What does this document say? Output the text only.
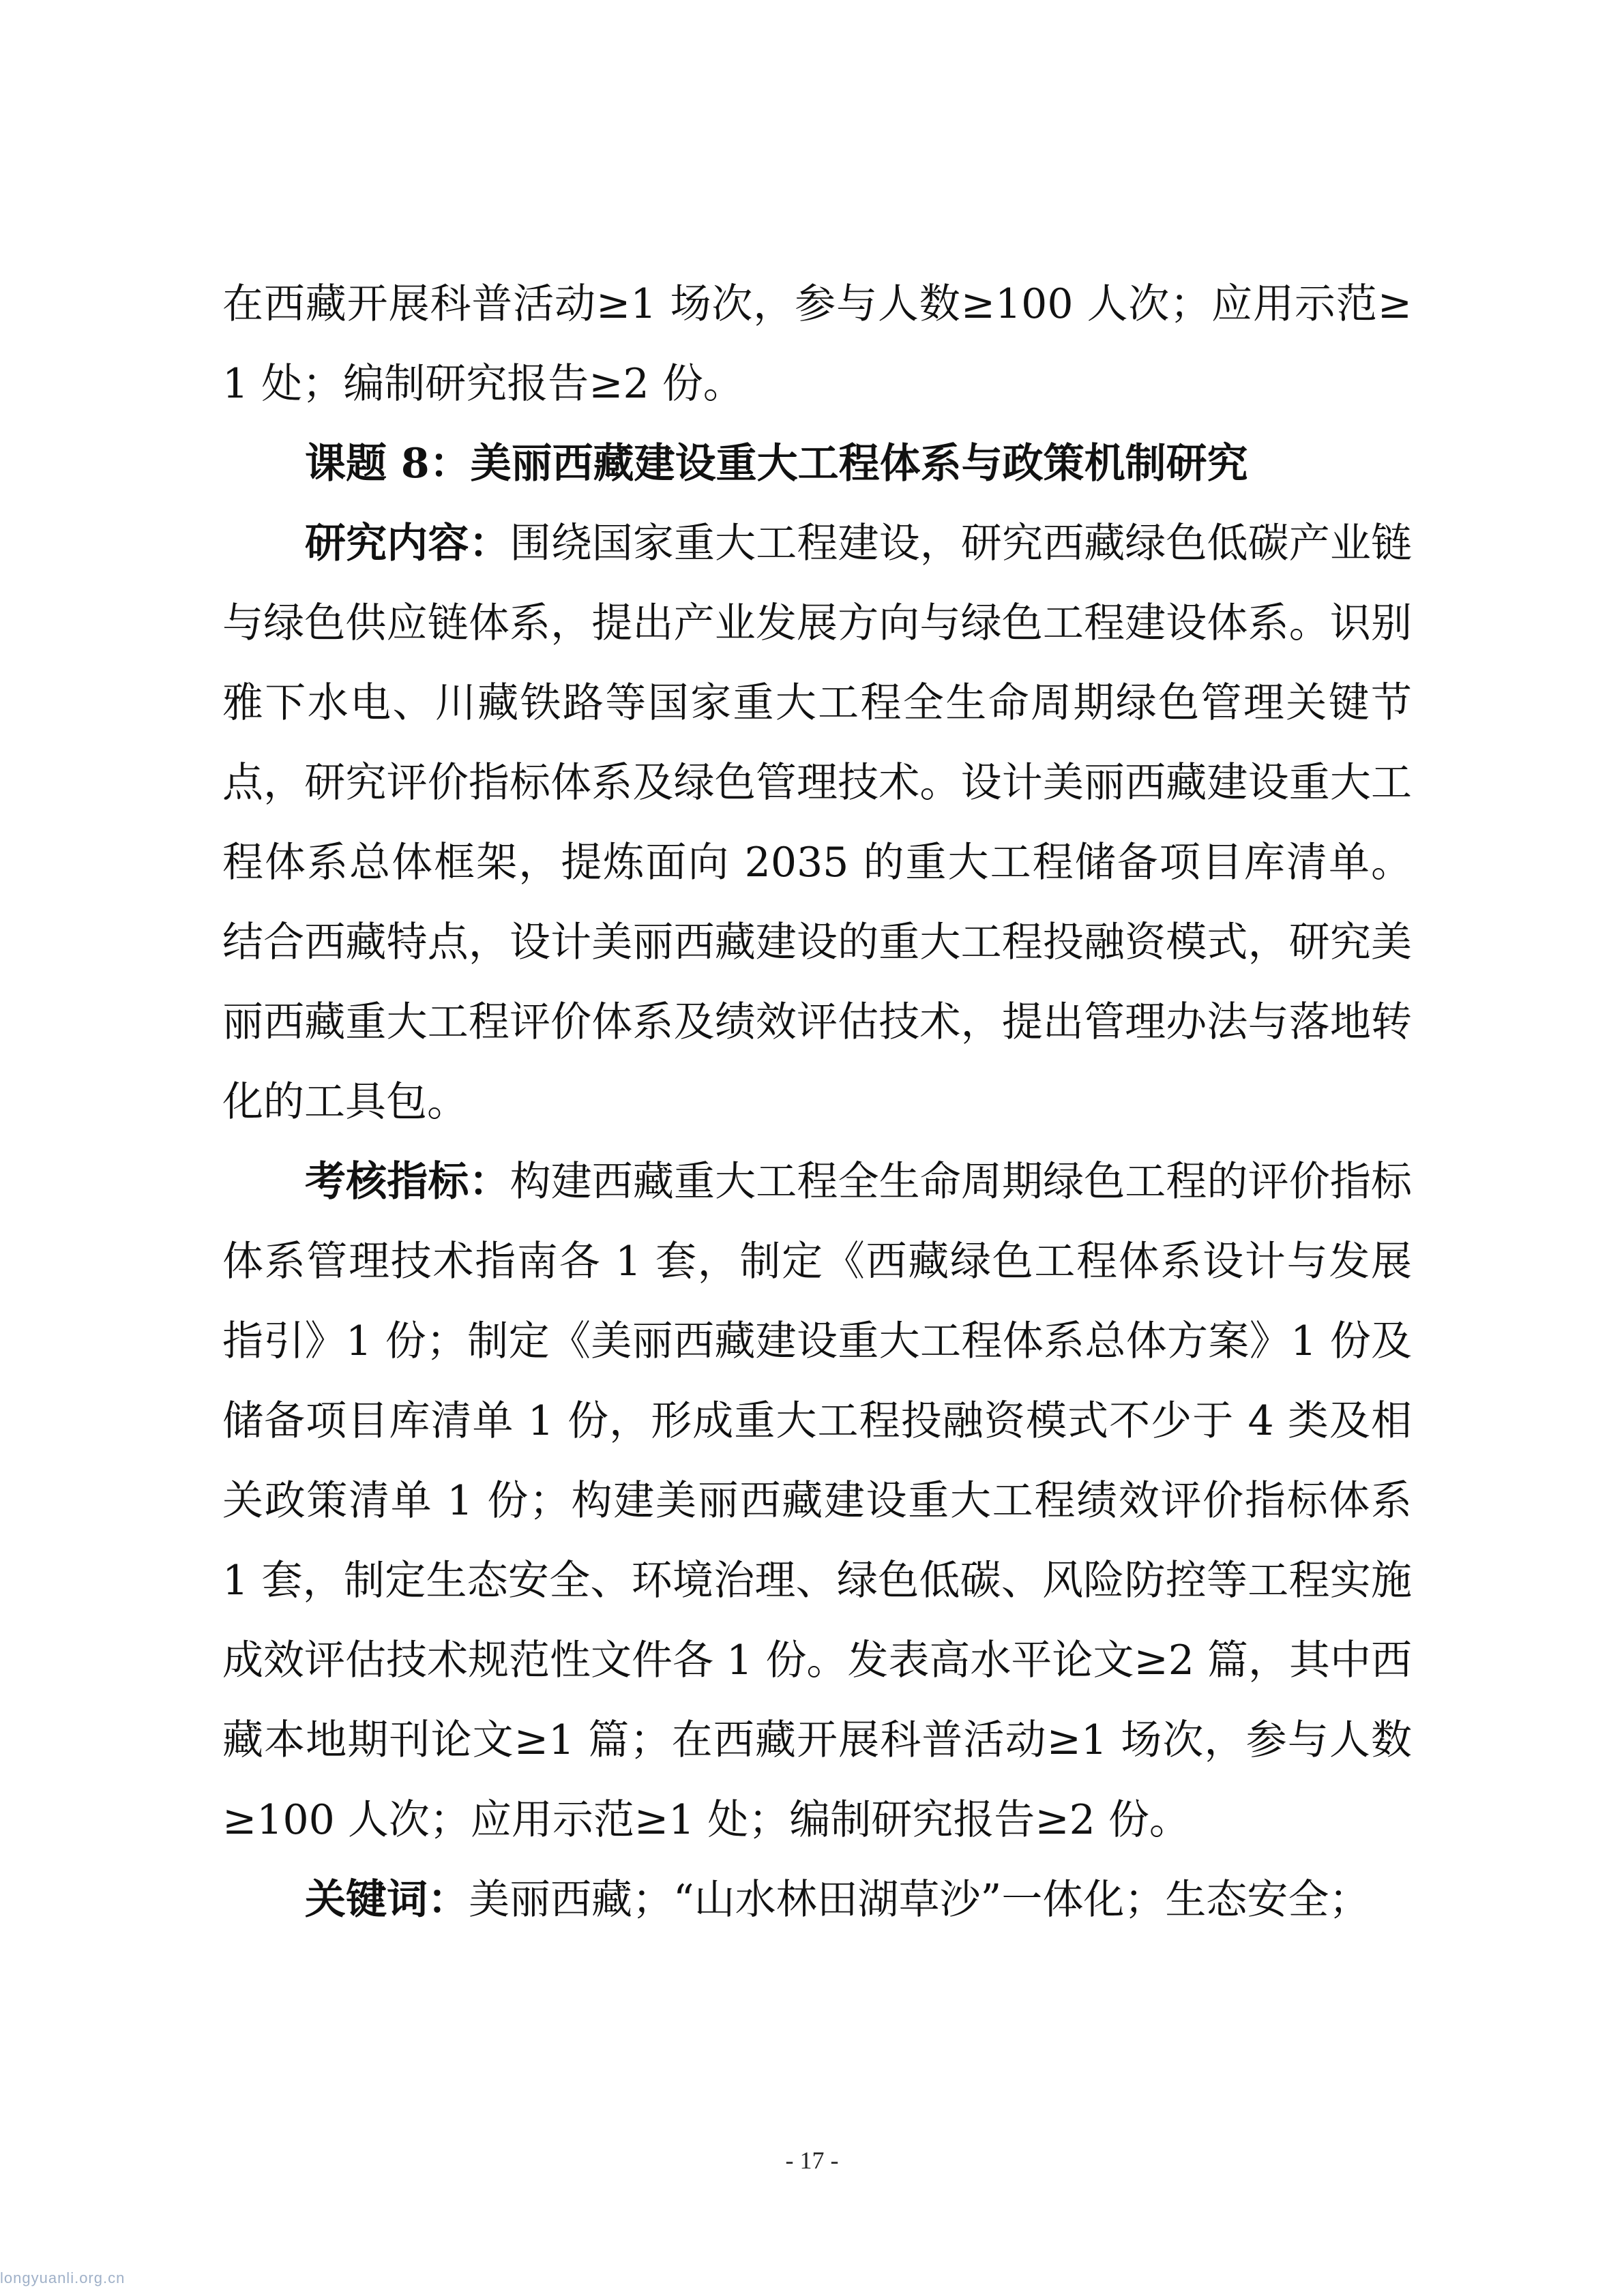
在西藏开展科普活动≥1 场次，参与人数≥100 人次；应用示范≥1 处；编制研究报告≥2 份。

课题 8：美丽西藏建设重大工程体系与政策机制研究

研究内容：围绕国家重大工程建设，研究西藏绿色低碳产业链与绿色供应链体系，提出产业发展方向与绿色工程建设体系。识别雅下水电、川藏铁路等国家重大工程全生命周期绿色管理关键节点，研究评价指标体系及绿色管理技术。设计美丽西藏建设重大工程体系总体框架，提炼面向 2035 的重大工程储备项目库清单。结合西藏特点，设计美丽西藏建设的重大工程投融资模式，研究美丽西藏重大工程评价体系及绩效评估技术，提出管理办法与落地转化的工具包。

考核指标：构建西藏重大工程全生命周期绿色工程的评价指标体系管理技术指南各 1 套，制定《西藏绿色工程体系设计与发展指引》1 份；制定《美丽西藏建设重大工程体系总体方案》1 份及储备项目库清单 1 份，形成重大工程投融资模式不少于 4 类及相关政策清单 1 份；构建美丽西藏建设重大工程绩效评价指标体系 1 套，制定生态安全、环境治理、绿色低碳、风险防控等工程实施成效评估技术规范性文件各 1 份。发表高水平论文≥2 篇，其中西藏本地期刊论文≥1 篇；在西藏开展科普活动≥1 场次，参与人数≥100 人次；应用示范≥1 处；编制研究报告≥2 份。

关键词：美丽西藏；“山水林田湖草沙”一体化；生态安全；

- 17 -
longyuanli.org.cn
